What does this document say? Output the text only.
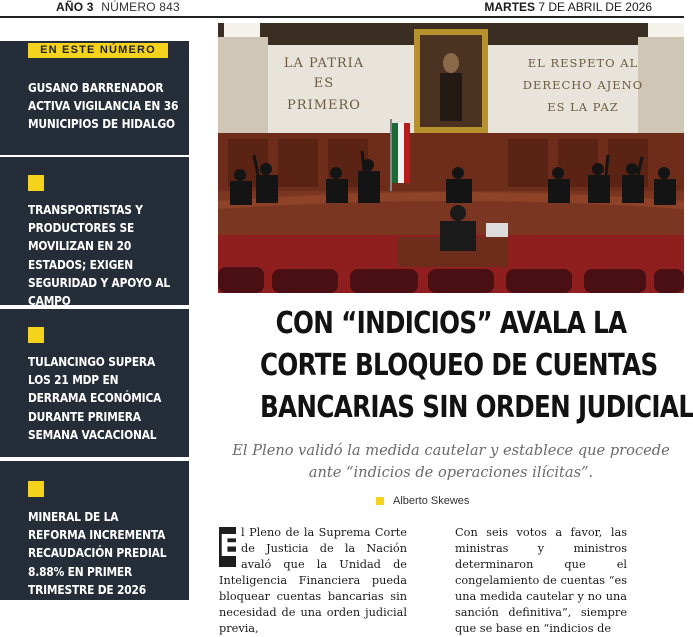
AÑO 3 NÚMERO 843	MARTES 7 DE ABRIL DE 2026
EN ESTE NÚMERO
GUSANO BARRENADOR ACTIVA VIGILANCIA EN 36 MUNICIPIOS DE HIDALGO
TRANSPORTISTAS Y PRODUCTORES SE MOVILIZAN EN 20 ESTADOS; EXIGEN SEGURIDAD Y APOYO AL CAMPO
TULANCINGO SUPERA LOS 21 MDP EN DERRAMA ECONÓMICA DURANTE PRIMERA SEMANA VACACIONAL
MINERAL DE LA REFORMA INCREMENTA RECAUDACIÓN PREDIAL 8.88% EN PRIMER TRIMESTRE DE 2026
LA PATRIA
ES
PRIMERO
EL RESPETO AL
DERECHO AJENO
ES LA PAZ
CON “INDICIOS” AVALA LA
CORTE BLOQUEO DE CUENTAS
BANCARIAS SIN ORDEN JUDICIAL
El Pleno validó la medida cautelar y establece que procede ante “indicios de operaciones ilícitas”.
Alberto Skewes
E l Pleno de la Suprema Corte de Justicia de la Nación avaló que la Unidad de Inteligencia Financiera pueda bloquear cuentas bancarias sin necesidad de una orden judicial previa,
Con seis votos a favor, las ministras y ministros determinaron que el congelamiento de cuentas “es una medida cautelar y no una sanción definitiva”, siempre que se base en “indicios de
